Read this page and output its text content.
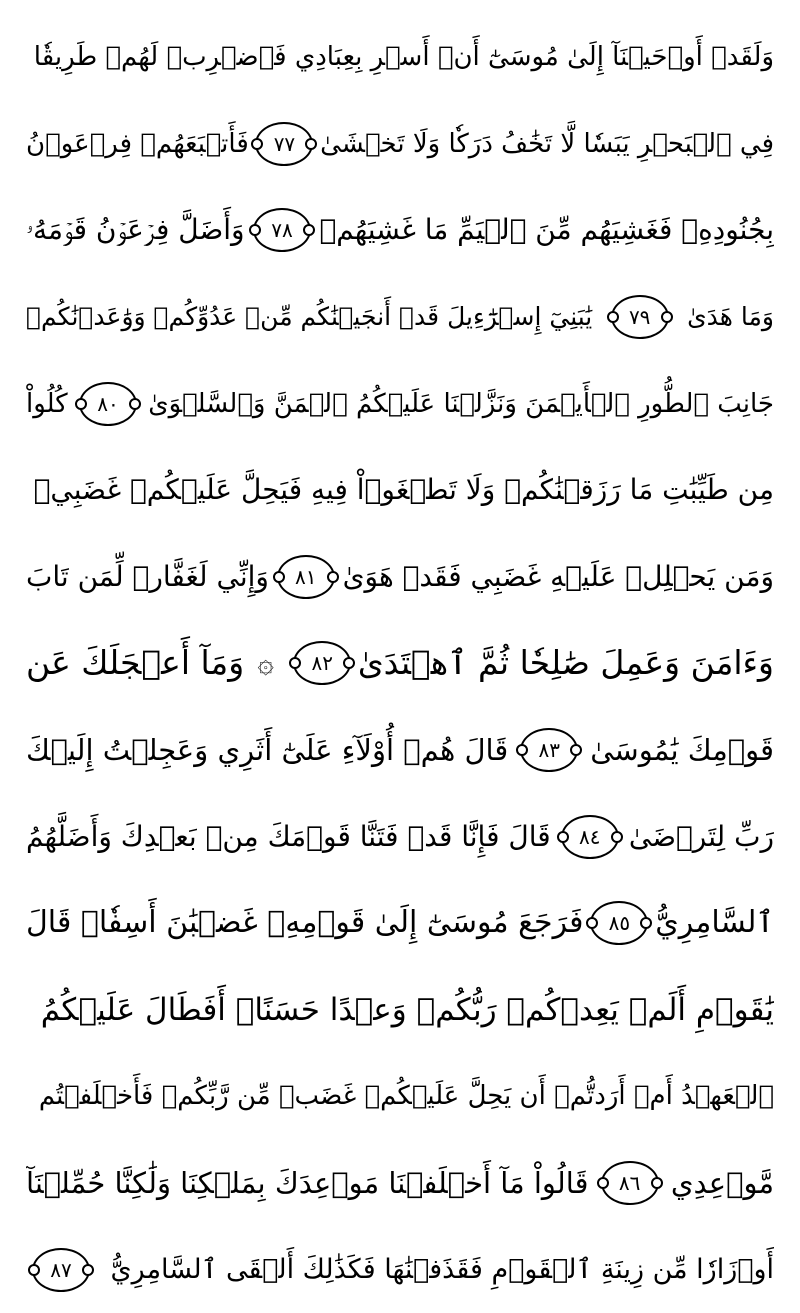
وَلَقَدۡ أَوۡحَيۡنَآ إِلَىٰ مُوسَىٰٓ أَنۡ أَسۡرِ بِعِبَادِي فَٱضۡرِبۡ لَهُمۡ طَرِيقٗا
فِي ٱلۡبَحۡرِ يَبَسٗا لَّا تَخَٰفُ دَرَكٗا وَلَا تَخۡشَىٰ
٧٧
فَأَتۡبَعَهُمۡ فِرۡعَوۡنُ
بِجُنُودِهِۦ فَغَشِيَهُم مِّنَ ٱلۡيَمِّ مَا غَشِيَهُمۡ
٧٨
وَأَضَلَّ فِرۡعَوۡنُ قَوۡمَهُۥ
وَمَا هَدَىٰ
٧٩
يَٰبَنِيٓ إِسۡرَٰٓءِيلَ قَدۡ أَنجَيۡنَٰكُم مِّنۡ عَدُوِّكُمۡ وَوَٰعَدۡنَٰكُمۡ
جَانِبَ ٱلطُّورِ ٱلۡأَيۡمَنَ وَنَزَّلۡنَا عَلَيۡكُمُ ٱلۡمَنَّ وَٱلسَّلۡوَىٰ
٨٠
كُلُواْ
مِن طَيِّبَٰتِ مَا رَزَقۡنَٰكُمۡ وَلَا تَطۡغَوۡاْ فِيهِ فَيَحِلَّ عَلَيۡكُمۡ غَضَبِيۖ
وَمَن يَحۡلِلۡ عَلَيۡهِ غَضَبِي فَقَدۡ هَوَىٰ
٨١
وَإِنِّي لَغَفَّارٞ لِّمَن تَابَ
وَءَامَنَ وَعَمِلَ صَٰلِحٗا ثُمَّ ٱهۡتَدَىٰ
٨٢
۞
وَمَآ أَعۡجَلَكَ عَن
قَوۡمِكَ يَٰمُوسَىٰ
٨٣
قَالَ هُمۡ أُوْلَآءِ عَلَىٰٓ أَثَرِي وَعَجِلۡتُ إِلَيۡكَ
رَبِّ لِتَرۡضَىٰ
٨٤
قَالَ فَإِنَّا قَدۡ فَتَنَّا قَوۡمَكَ مِنۢ بَعۡدِكَ وَأَضَلَّهُمُ
ٱلسَّامِرِيُّ
٨٥
فَرَجَعَ مُوسَىٰٓ إِلَىٰ قَوۡمِهِۦ غَضۡبَٰنَ أَسِفٗاۚ قَالَ
يَٰقَوۡمِ أَلَمۡ يَعِدۡكُمۡ رَبُّكُمۡ وَعۡدًا حَسَنًاۚ أَفَطَالَ عَلَيۡكُمُ
ٱلۡعَهۡدُ أَمۡ أَرَدتُّمۡ أَن يَحِلَّ عَلَيۡكُمۡ غَضَبٞ مِّن رَّبِّكُمۡ فَأَخۡلَفۡتُم
مَّوۡعِدِي
٨٦
قَالُواْ مَآ أَخۡلَفۡنَا مَوۡعِدَكَ بِمَلۡكِنَا وَلَٰكِنَّا حُمِّلۡنَآ
أَوۡزَارٗا مِّن زِينَةِ ٱلۡقَوۡمِ فَقَذَفۡنَٰهَا فَكَذَٰلِكَ أَلۡقَى ٱلسَّامِرِيُّ
٨٧
